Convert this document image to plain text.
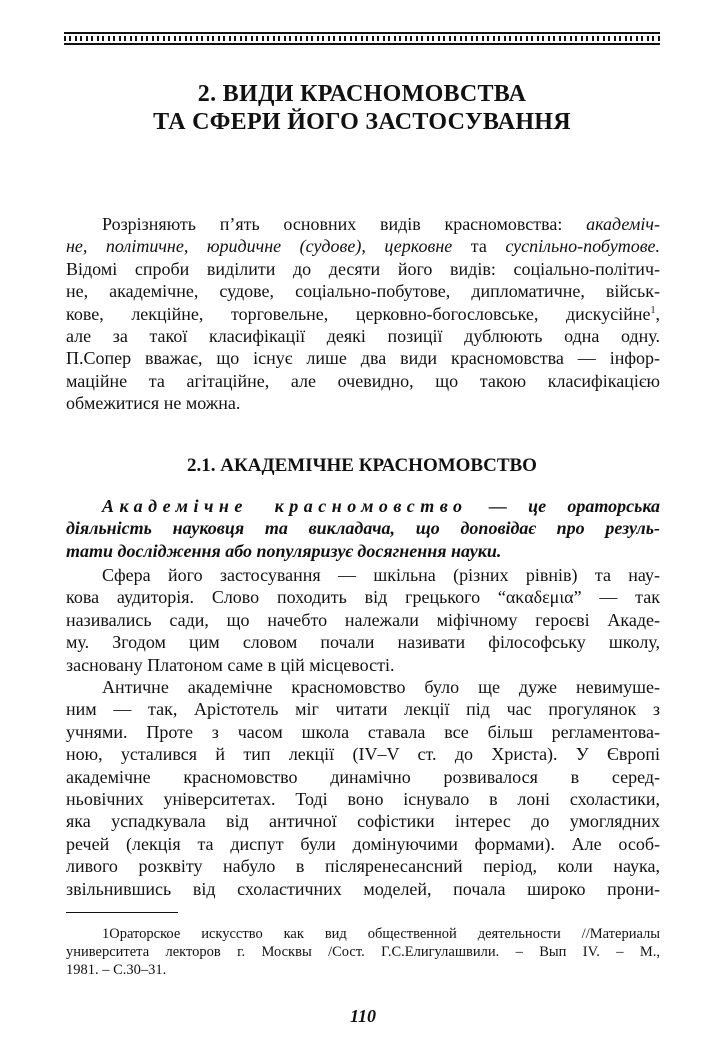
2. ВИДИ КРАСНОМОВСТВА
ТА СФЕРИ ЙОГО ЗАСТОСУВАННЯ
Розрізняють п’ять основних видів красномовства: академіч-
не, політичне, юридичне (судове), церковне та суспільно-побутове.
Відомі спроби виділити до десяти його видів: соціально-політич-
не, академічне, судове, соціально-побутове, дипломатичне, військ-
кове, лекційне, торговельне, церковно-богословське, дискусійне$^1$,
але за такої класифікації деякі позиції дублюють одна одну.
П.Сопер вважає, що існує лише два види красномовства — інфор-
маційне та агітаційне, але очевидно, що такою класифікацією
обмежитися не можна.
2.1. АКАДЕМІЧНЕ КРАСНОМОВСТВО
Академічне красномовство — це ораторська
діяльність науковця та викладача, що доповідає про резуль-
тати дослідження або популяризує досягнення науки.
Сфера його застосування — шкільна (різних рівнів) та нау-
кова аудиторія. Слово походить від грецького “ακαδεμια” — так
називались сади, що начебто належали міфічному героєві Акаде-
му. Згодом цим словом почали називати філософську школу,
засновану Платоном саме в цій місцевості.
Античне академічне красномовство було ще дуже невимуше-
ним — так, Арістотель міг читати лекції під час прогулянок з
учнями. Проте з часом школа ставала все більш регламентова-
ною, устaлився й тип лекції (IV–V ст. до Христа). У Європі
академічне красномовство динамічно розвивалося в серед-
ньовічних університетах. Тоді воно існувало в лоні схоластики,
яка успадкувала від античної софістики інтерес до умоглядних
речей (лекція та диспут були домінуючими формами). Але особ-
ливого розквіту набуло в післяренесансний період, коли наука,
звільнившись від схоластичних моделей, почала широко прони-
1Ораторское искусство как вид общественной деятельности //Материалы
университета лекторов г. Москвы /Сост. Г.С.Елигулашвили. – Вып IV. – М.,
1981. – С.30–31.
110
